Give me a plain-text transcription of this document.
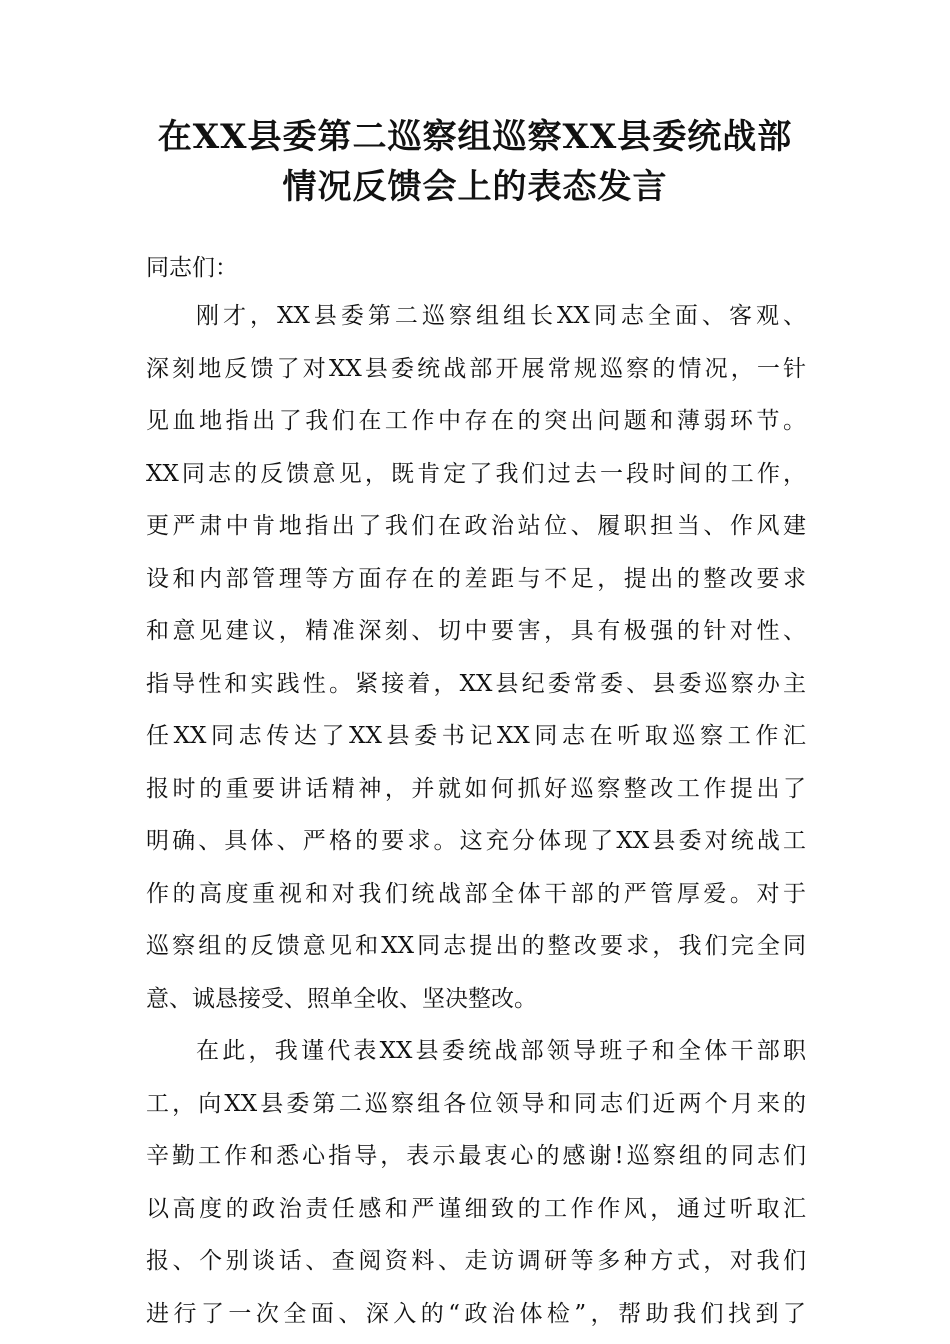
在XX县委第二巡察组巡察XX县委统战部
情况反馈会上的表态发言
同志们：
刚才，XX县委第二巡察组组长XX同志全面、客观、
深刻地反馈了对XX县委统战部开展常规巡察的情况，一针
见血地指出了我们在工作中存在的突出问题和薄弱环节。
XX同志的反馈意见，既肯定了我们过去一段时间的工作，
更严肃中肯地指出了我们在政治站位、履职担当、作风建
设和内部管理等方面存在的差距与不足，提出的整改要求
和意见建议，精准深刻、切中要害，具有极强的针对性、
指导性和实践性。紧接着，XX县纪委常委、县委巡察办主
任XX同志传达了XX县委书记XX同志在听取巡察工作汇
报时的重要讲话精神，并就如何抓好巡察整改工作提出了
明确、具体、严格的要求。这充分体现了XX县委对统战工
作的高度重视和对我们统战部全体干部的严管厚爱。对于
巡察组的反馈意见和XX同志提出的整改要求，我们完全同
意、诚恳接受、照单全收、坚决整改。
在此，我谨代表XX县委统战部领导班子和全体干部职
工，向XX县委第二巡察组各位领导和同志们近两个月来的
辛勤工作和悉心指导，表示最衷心的感谢!巡察组的同志们
以高度的政治责任感和严谨细致的工作作风，通过听取汇
报、个别谈话、查阅资料、走访调研等多种方式，对我们
进行了一次全面、深入的“政治体检”，帮助我们找到了
